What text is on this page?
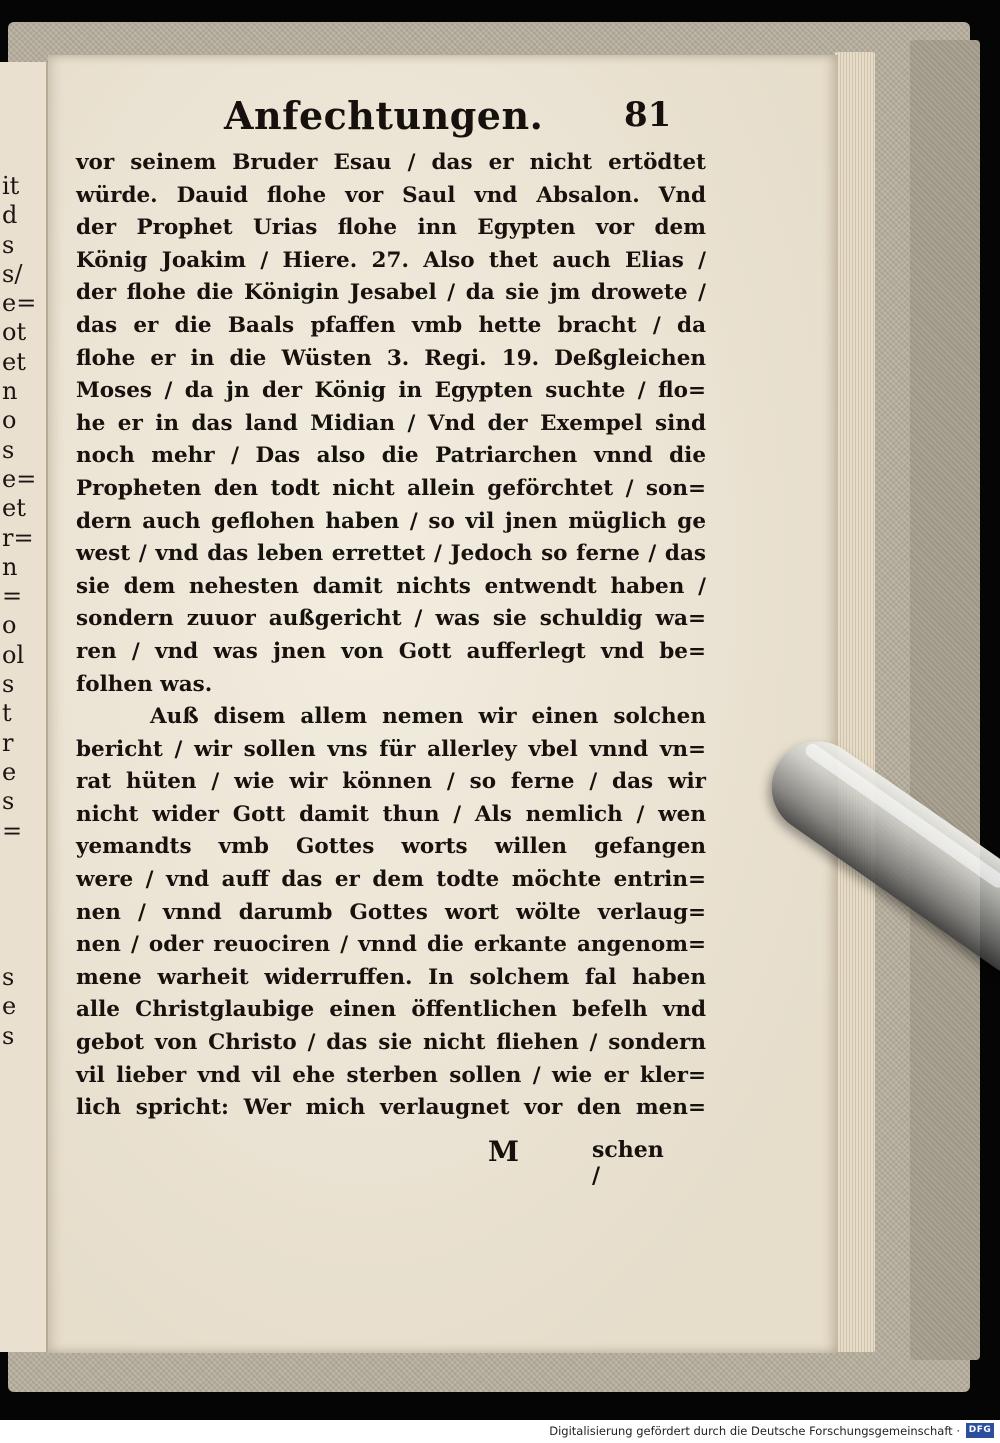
it
d
s
s/
e=
ot
et
n
o
s
e=
et
r=
n
=
o
ol
s
t
r
e
s
=

s
e
s
Anfechtungen. 81
vor seinem Bruder Esau / das er nicht ertödtet
würde. Dauid flohe vor Saul vnd Absalon. Vnd
der Prophet Urias flohe inn Egypten vor dem
König Joakim / Hiere. 27. Also thet auch Elias /
der flohe die Königin Jesabel / da sie jm drowete /
das er die Baals pfaffen vmb hette bracht / da
flohe er in die Wüsten 3. Regi. 19. Deßgleichen
Moses / da jn der König in Egypten suchte / flo=
he er in das land Midian / Vnd der Exempel sind
noch mehr / Das also die Patriarchen vnnd die
Propheten den todt nicht allein geförchtet / son=
dern auch geflohen haben / so vil jnen müglich ge
west / vnd das leben errettet / Jedoch so ferne / das
sie dem nehesten damit nichts entwendt haben /
sondern zuuor außgericht / was sie schuldig wa=
ren / vnd was jnen von Gott aufferlegt vnd be=
folhen was.
Auß disem allem nemen wir einen solchen
bericht / wir sollen vns für allerley vbel vnnd vn=
rat hüten / wie wir können / so ferne / das wir
nicht wider Gott damit thun / Als nemlich / wen
yemandts vmb Gottes worts willen gefangen
were / vnd auff das er dem todte möchte entrin=
nen / vnnd darumb Gottes wort wölte verlaug=
nen / oder reuociren / vnnd die erkante angenom=
mene warheit widerruffen. In solchem fal haben
alle Christglaubige einen öffentlichen befelh vnd
gebot von Christo / das sie nicht fliehen / sondern
vil lieber vnd vil ehe sterben sollen / wie er kler=
lich spricht: Wer mich verlaugnet vor den men=
M	schen /
Digitalisierung gefördert durch die Deutsche Forschungsgemeinschaft · DFG
